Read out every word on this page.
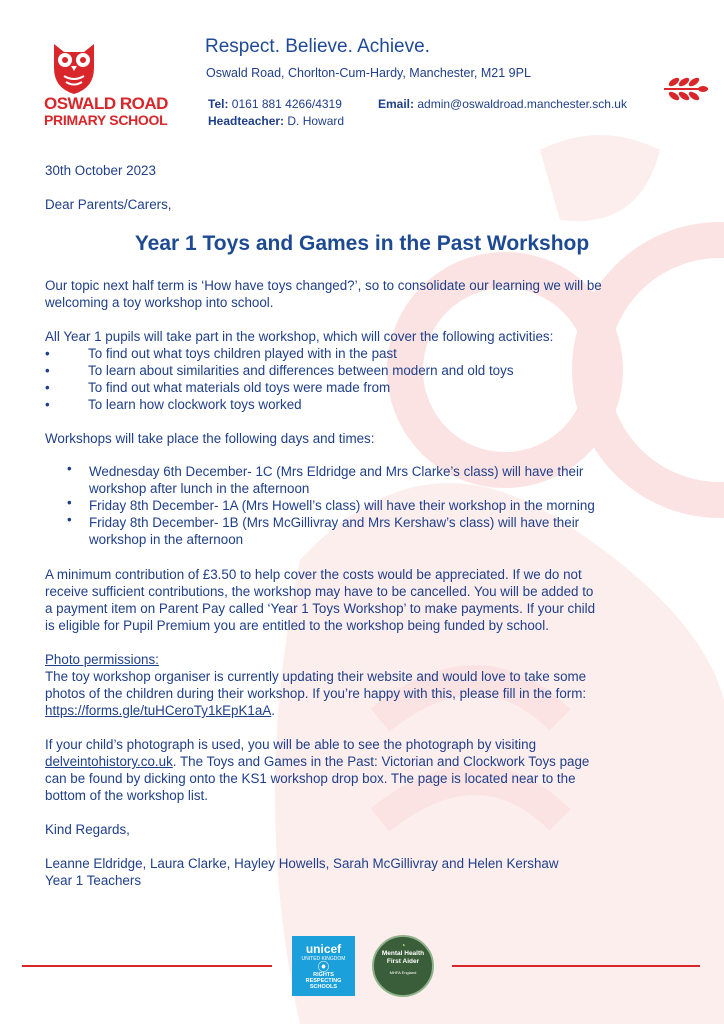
OSWALD ROAD
PRIMARY SCHOOL
Respect. Believe. Achieve.
Oswald Road, Chorlton-Cum-Hardy, Manchester, M21 9PL
Tel: 0161 881 4266/4319	Email: admin@oswaldroad.manchester.sch.uk
Headteacher: D. Howard
30th October 2023
Dear Parents/Carers,
Year 1 Toys and Games in the Past Workshop
Our topic next half term is ‘How have toys changed?’, so to consolidate our learning we will be
welcoming a toy workshop into school.
All Year 1 pupils will take part in the workshop, which will cover the following activities:
• To find out what toys children played with in the past
• To learn about similarities and differences between modern and old toys
• To find out what materials old toys were made from
• To learn how clockwork toys worked
Workshops will take place the following days and times:
• Wednesday 6th December- 1C (Mrs Eldridge and Mrs Clarke’s class) will have their
workshop after lunch in the afternoon
• Friday 8th December- 1A (Mrs Howell’s class) will have their workshop in the morning
• Friday 8th December- 1B (Mrs McGillivray and Mrs Kershaw’s class) will have their
workshop in the afternoon
A minimum contribution of £3.50 to help cover the costs would be appreciated. If we do not
receive sufficient contributions, the workshop may have to be cancelled. You will be added to
a payment item on Parent Pay called ‘Year 1 Toys Workshop’ to make payments. If your child
is eligible for Pupil Premium you are entitled to the workshop being funded by school.
Photo permissions:
The toy workshop organiser is currently updating their website and would love to take some
photos of the children during their workshop. If you’re happy with this, please fill in the form:
https://forms.gle/tuHCeroTy1kEpK1aA.
If your child’s photograph is used, you will be able to see the photograph by visiting
delveintohistory.co.uk. The Toys and Games in the Past: Victorian and Clockwork Toys page
can be found by dicking onto the KS1 workshop drop box. The page is located near to the
bottom of the workshop list.
Kind Regards,
Leanne Eldridge, Laura Clarke, Hayley Howells, Sarah McGillivray and Helen Kershaw
Year 1 Teachers
unicef
UNITED KINGDOM
⦿
RIGHTS
RESPECTING
SCHOOLS
◔
Mental Health
First Aider
MHFA England
